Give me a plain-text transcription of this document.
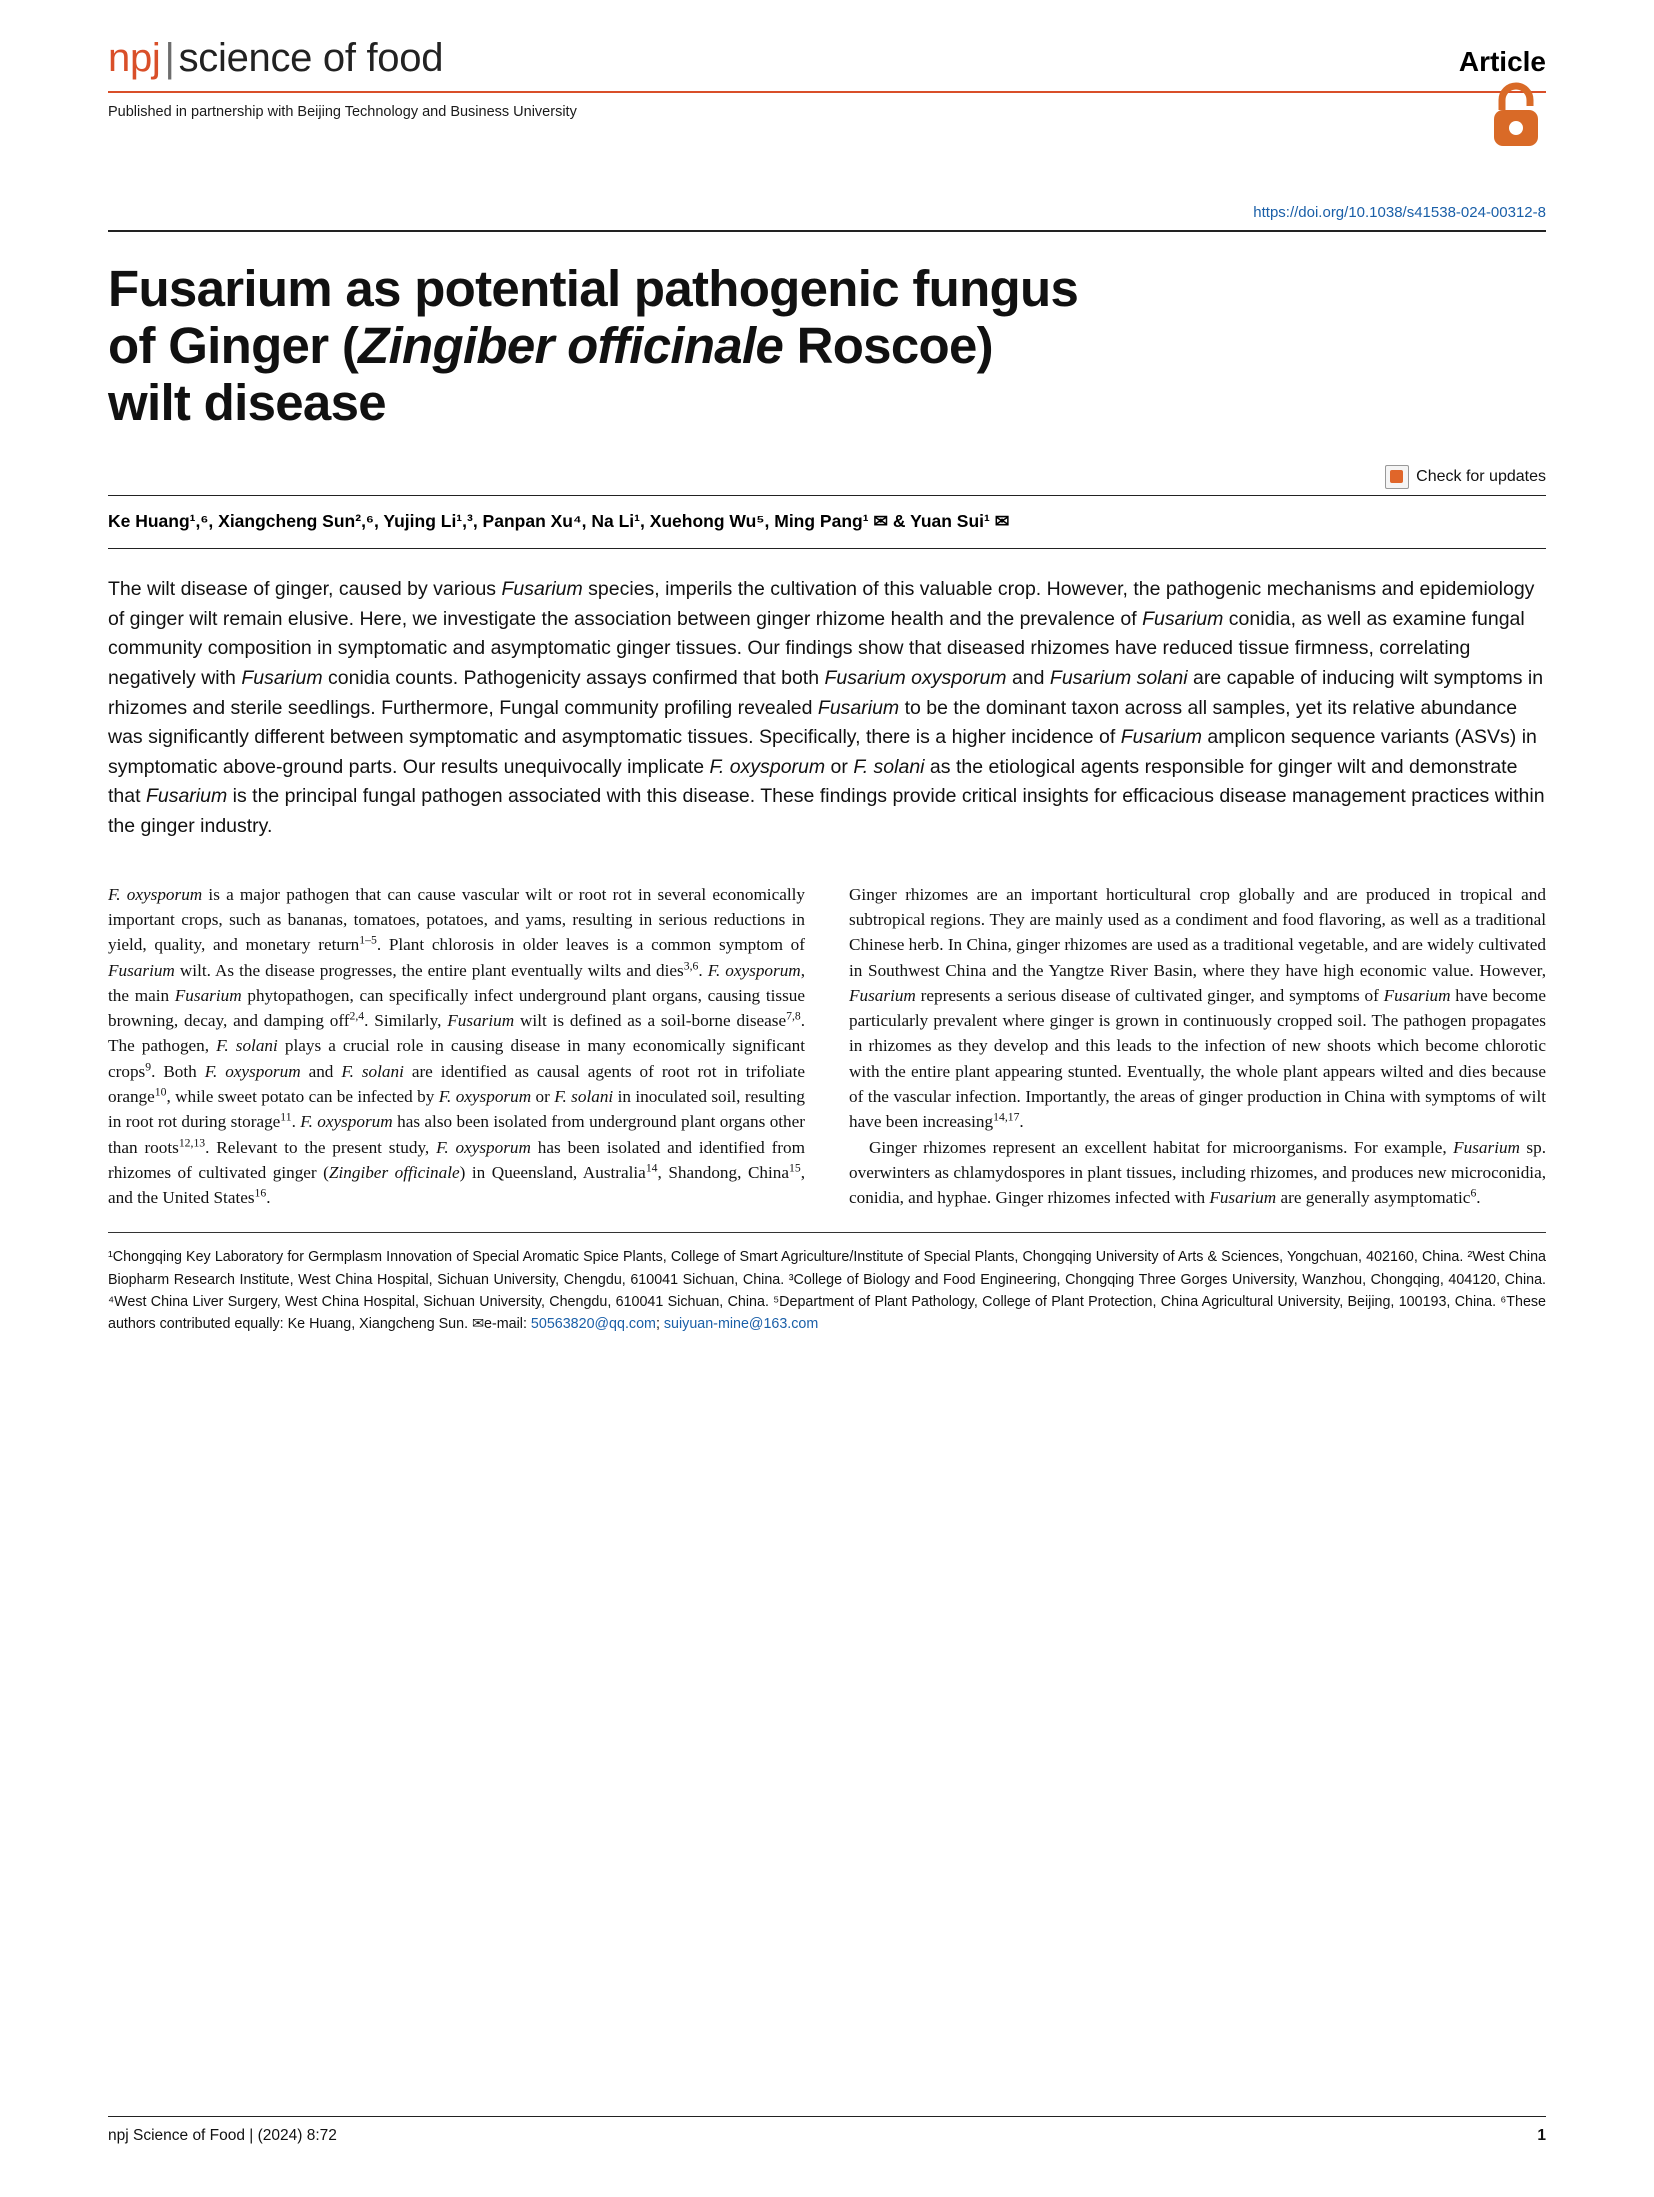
npj | science of food	Article
Published in partnership with Beijing Technology and Business University
https://doi.org/10.1038/s41538-024-00312-8
Fusarium as potential pathogenic fungus
of Ginger (Zingiber officinale Roscoe)
wilt disease
Check for updates
Ke Huang¹,⁶, Xiangcheng Sun²,⁶, Yujing Li¹,³, Panpan Xu⁴, Na Li¹, Xuehong Wu⁵, Ming Pang¹ ✉ & Yuan Sui¹ ✉
The wilt disease of ginger, caused by various Fusarium species, imperils the cultivation of this valuable crop. However, the pathogenic mechanisms and epidemiology of ginger wilt remain elusive. Here, we investigate the association between ginger rhizome health and the prevalence of Fusarium conidia, as well as examine fungal community composition in symptomatic and asymptomatic ginger tissues. Our findings show that diseased rhizomes have reduced tissue firmness, correlating negatively with Fusarium conidia counts. Pathogenicity assays confirmed that both Fusarium oxysporum and Fusarium solani are capable of inducing wilt symptoms in rhizomes and sterile seedlings. Furthermore, Fungal community profiling revealed Fusarium to be the dominant taxon across all samples, yet its relative abundance was significantly different between symptomatic and asymptomatic tissues. Specifically, there is a higher incidence of Fusarium amplicon sequence variants (ASVs) in symptomatic above-ground parts. Our results unequivocally implicate F. oxysporum or F. solani as the etiological agents responsible for ginger wilt and demonstrate that Fusarium is the principal fungal pathogen associated with this disease. These findings provide critical insights for efficacious disease management practices within the ginger industry.

F. oxysporum is a major pathogen that can cause vascular wilt or root rot in several economically important crops, such as bananas, tomatoes, potatoes, and yams, resulting in serious reductions in yield, quality, and monetary return$^{1-5}$. Plant chlorosis in older leaves is a common symptom of Fusarium wilt. As the disease progresses, the entire plant eventually wilts and dies$^{3,6}$. F. oxysporum, the main Fusarium phytopathogen, can specifically infect underground plant organs, causing tissue browning, decay, and damping off$^{2,4}$. Similarly, Fusarium wilt is defined as a soil-borne disease$^{7,8}$. The pathogen, F. solani plays a crucial role in causing disease in many economically significant crops$^9$. Both F. oxysporum and F. solani are identified as causal agents of root rot in trifoliate orange$^{10}$, while sweet potato can be infected by F. oxysporum or F. solani in inoculated soil, resulting in root rot during storage$^{11}$. F. oxysporum has also been isolated from underground plant organs other than roots$^{12,13}$. Relevant to the present study, F. oxysporum has been isolated and identified from rhizomes of cultivated ginger (Zingiber officinale) in Queensland, Australia$^{14}$, Shandong, China$^{15}$, and the United States$^{16}$.

Ginger rhizomes are an important horticultural crop globally and are produced in tropical and subtropical regions. They are mainly used as a condiment and food flavoring, as well as a traditional Chinese herb. In China, ginger rhizomes are used as a traditional vegetable, and are widely cultivated in Southwest China and the Yangtze River Basin, where they have high economic value. However, Fusarium represents a serious disease of cultivated ginger, and symptoms of Fusarium have become particularly prevalent where ginger is grown in continuously cropped soil. The pathogen propagates in rhizomes as they develop and this leads to the infection of new shoots which become chlorotic with the entire plant appearing stunted. Eventually, the whole plant appears wilted and dies because of the vascular infection. Importantly, the areas of ginger production in China with symptoms of wilt have been increasing$^{14,17}$.

Ginger rhizomes represent an excellent habitat for microorganisms. For example, Fusarium sp. overwinters as chlamydospores in plant tissues, including rhizomes, and produces new microconidia, conidia, and hyphae. Ginger rhizomes infected with Fusarium are generally asymptomatic$^6$.

¹Chongqing Key Laboratory for Germplasm Innovation of Special Aromatic Spice Plants, College of Smart Agriculture/Institute of Special Plants, Chongqing University of Arts & Sciences, Yongchuan, 402160, China. ²West China Biopharm Research Institute, West China Hospital, Sichuan University, Chengdu, 610041 Sichuan, China. ³College of Biology and Food Engineering, Chongqing Three Gorges University, Wanzhou, Chongqing, 404120, China. ⁴West China Liver Surgery, West China Hospital, Sichuan University, Chengdu, 610041 Sichuan, China. ⁵Department of Plant Pathology, College of Plant Protection, China Agricultural University, Beijing, 100193, China. ⁶These authors contributed equally: Ke Huang, Xiangcheng Sun. ✉e-mail: 50563820@qq.com; suiyuan-mine@163.com
npj Science of Food | (2024) 8:72	1
